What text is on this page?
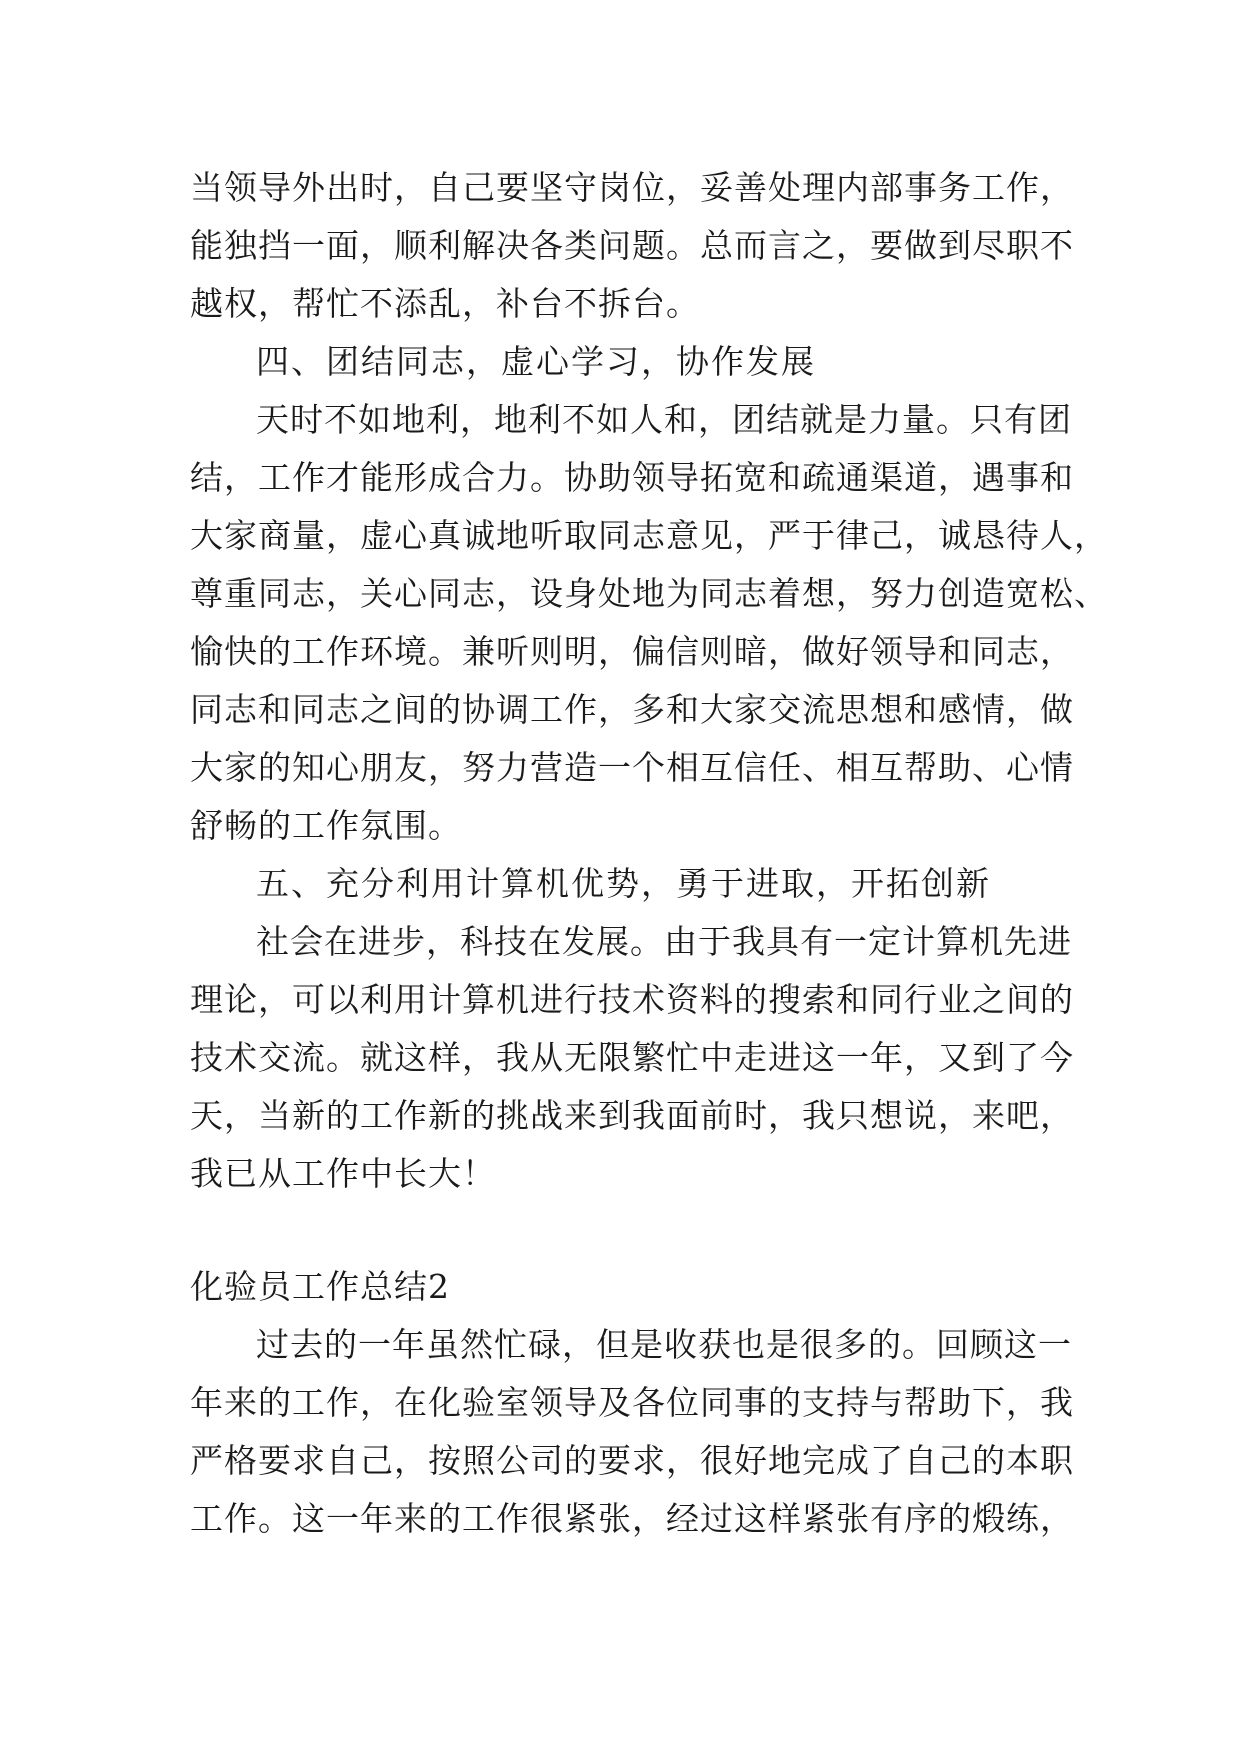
当领导外出时，自己要坚守岗位，妥善处理内部事务工作，
能独挡一面，顺利解决各类问题。总而言之，要做到尽职不
越权，帮忙不添乱，补台不拆台。
四、团结同志，虚心学习，协作发展
天时不如地利，地利不如人和，团结就是力量。只有团
结，工作才能形成合力。协助领导拓宽和疏通渠道，遇事和
大家商量，虚心真诚地听取同志意见，严于律己，诚恳待人，
尊重同志，关心同志，设身处地为同志着想，努力创造宽松、
愉快的工作环境。兼听则明，偏信则暗，做好领导和同志，
同志和同志之间的协调工作，多和大家交流思想和感情，做
大家的知心朋友，努力营造一个相互信任、相互帮助、心情
舒畅的工作氛围。
五、充分利用计算机优势，勇于进取，开拓创新
社会在进步，科技在发展。由于我具有一定计算机先进
理论，可以利用计算机进行技术资料的搜索和同行业之间的
技术交流。就这样，我从无限繁忙中走进这一年，又到了今
天，当新的工作新的挑战来到我面前时，我只想说，来吧，
我已从工作中长大！
化验员工作总结2
过去的一年虽然忙碌，但是收获也是很多的。回顾这一
年来的工作，在化验室领导及各位同事的支持与帮助下，我
严格要求自己，按照公司的要求，很好地完成了自己的本职
工作。这一年来的工作很紧张，经过这样紧张有序的煅练，
